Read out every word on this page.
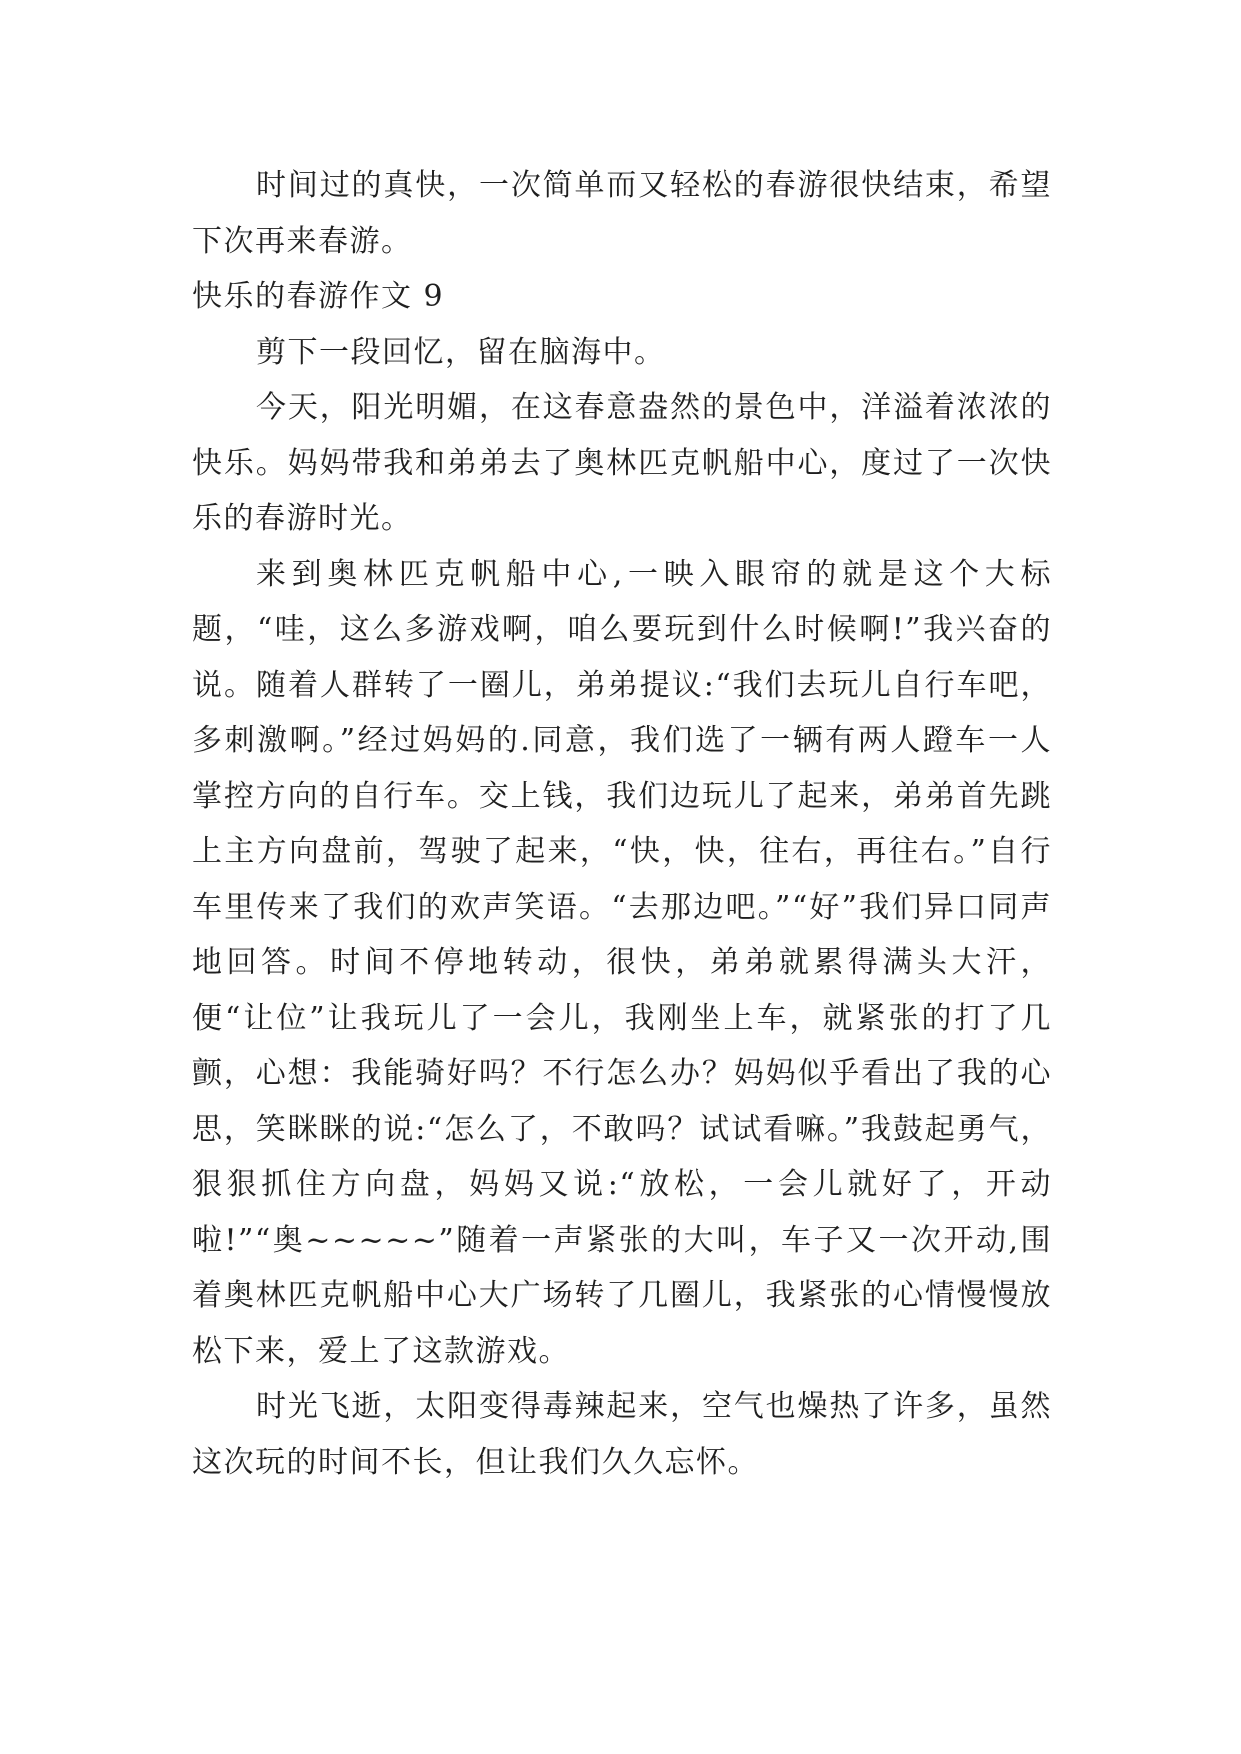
时间过的真快，一次简单而又轻松的春游很快结束，希望下次再来春游。

快乐的春游作文 9

剪下一段回忆，留在脑海中。

今天，阳光明媚，在这春意盎然的景色中，洋溢着浓浓的快乐。妈妈带我和弟弟去了奥林匹克帆船中心，度过了一次快乐的春游时光。

来到奥林匹克帆船中心,一映入眼帘的就是这个大标题，“哇，这么多游戏啊，咱么要玩到什么时候啊!”我兴奋的说。随着人群转了一圈儿，弟弟提议:“我们去玩儿自行车吧，多刺激啊。”经过妈妈的.同意，我们选了一辆有两人蹬车一人掌控方向的自行车。交上钱，我们边玩儿了起来，弟弟首先跳上主方向盘前，驾驶了起来，“快，快，往右，再往右。”自行车里传来了我们的欢声笑语。“去那边吧。”“好”我们异口同声地回答。时间不停地转动，很快，弟弟就累得满头大汗，便“让位”让我玩儿了一会儿，我刚坐上车，就紧张的打了几颤，心想：我能骑好吗？不行怎么办？妈妈似乎看出了我的心思，笑眯眯的说:“怎么了，不敢吗？试试看嘛。”我鼓起勇气，狠狠抓住方向盘，妈妈又说:“放松，一会儿就好了，开动啦!”“奥~~~~~”随着一声紧张的大叫，车子又一次开动,围着奥林匹克帆船中心大广场转了几圈儿，我紧张的心情慢慢放松下来，爱上了这款游戏。

时光飞逝，太阳变得毒辣起来，空气也燥热了许多，虽然这次玩的时间不长，但让我们久久忘怀。
